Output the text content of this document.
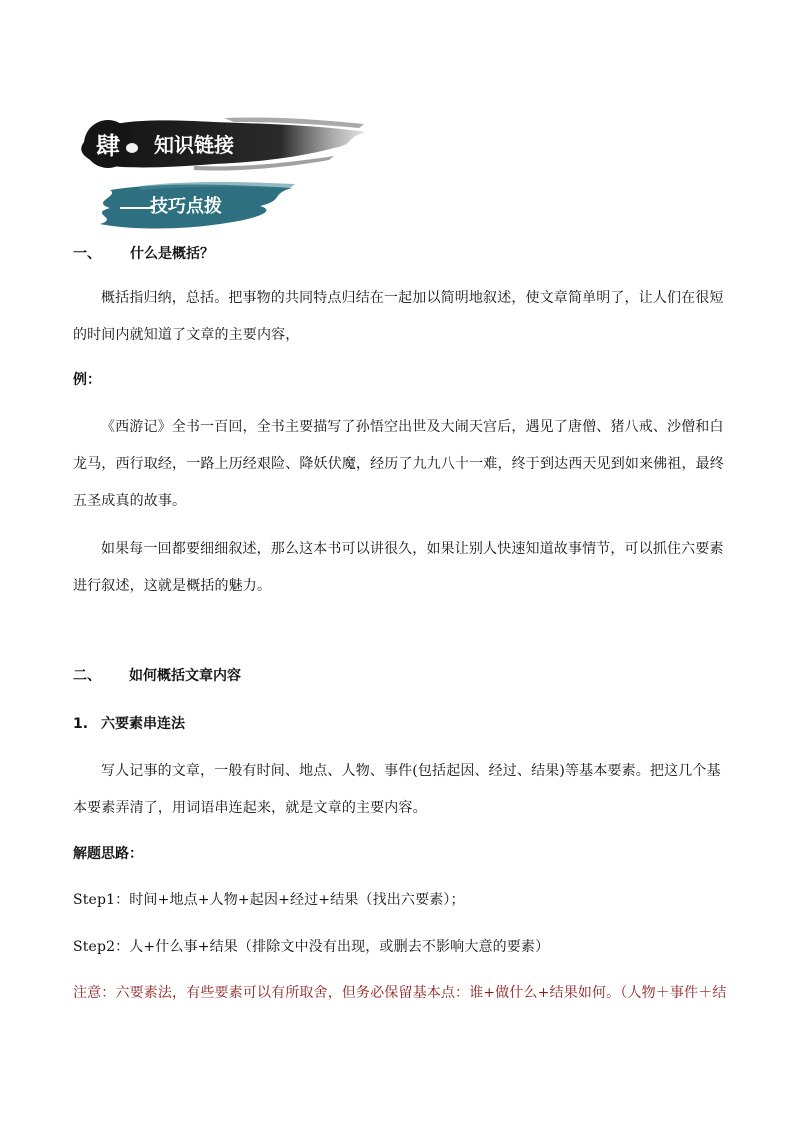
肆 知识链接
技巧点拨
一、 什么是概括？
概括指归纳，总括。把事物的共同特点归结在一起加以简明地叙述，使文章简单明了，让人们在很短
的时间内就知道了文章的主要内容，
例：
《西游记》全书一百回，全书主要描写了孙悟空出世及大闹天宫后，遇见了唐僧、猪八戒、沙僧和白
龙马，西行取经，一路上历经艰险、降妖伏魔，经历了九九八十一难，终于到达西天见到如来佛祖，最终
五圣成真的故事。
如果每一回都要细细叙述，那么这本书可以讲很久，如果让别人快速知道故事情节，可以抓住六要素
进行叙述，这就是概括的魅力。
二、 如何概括文章内容
1. 六要素串连法
写人记事的文章，一般有时间、地点、人物、事件(包括起因、经过、结果)等基本要素。把这几个基
本要素弄清了，用词语串连起来，就是文章的主要内容。
解题思路：
Step1：时间+地点+人物+起因+经过+结果（找出六要素）；
Step2：人+什么事+结果（排除文中没有出现，或删去不影响大意的要素）
注意：六要素法，有些要素可以有所取舍，但务必保留基本点：谁+做什么+结果如何。（人物＋事件＋结
